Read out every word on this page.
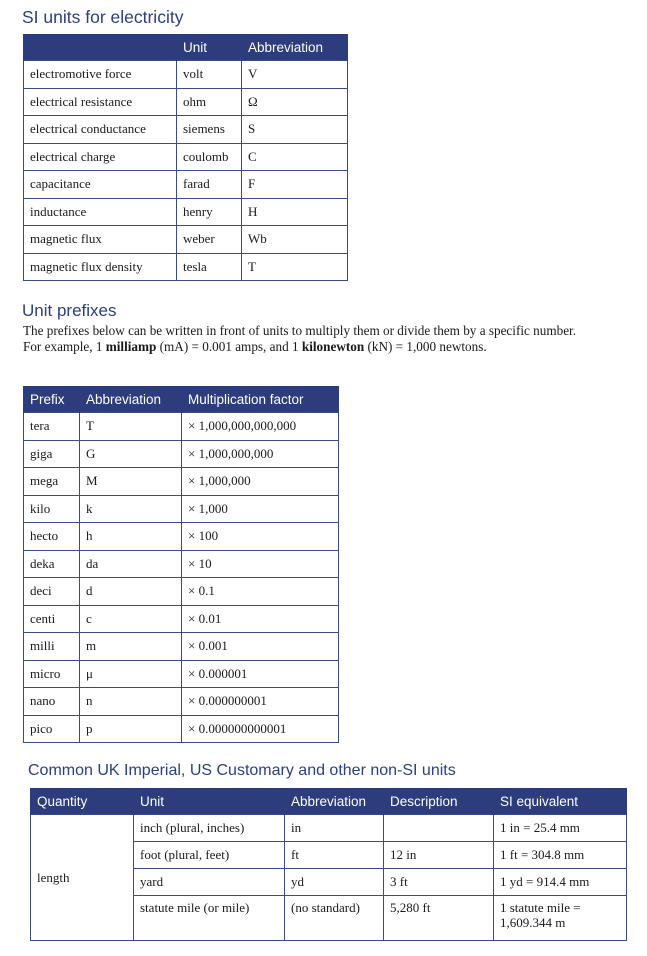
SI units for electricity
	Unit	Abbreviation
electromotive force	volt	V
electrical resistance	ohm	Ω
electrical conductance	siemens	S
electrical charge	coulomb	C
capacitance	farad	F
inductance	henry	H
magnetic flux	weber	Wb
magnetic flux density	tesla	T
Unit prefixes

The prefixes below can be written in front of units to multiply them or divide them by a specific number. For example, 1 milliamp (mA) = 0.001 amps, and 1 kilonewton (kN) = 1,000 newtons.

Prefix	Abbreviation	Multiplication factor
tera	T	× 1,000,000,000,000
giga	G	× 1,000,000,000
mega	M	× 1,000,000
kilo	k	× 1,000
hecto	h	× 100
deka	da	× 10
deci	d	× 0.1
centi	c	× 0.01
milli	m	× 0.001
micro	μ	× 0.000001
nano	n	× 0.000000001
pico	p	× 0.000000000001
Common UK Imperial, US Customary and other non-SI units
Quantity	Unit	Abbreviation	Description	SI equivalent
length	inch (plural, inches)	in		1 in = 25.4 mm
	foot (plural, feet)	ft	12 in	1 ft = 304.8 mm
	yard	yd	3 ft	1 yd = 914.4 mm
	statute mile (or mile)	(no standard)	5,280 ft	1 statute mile = 1,609.344 m
